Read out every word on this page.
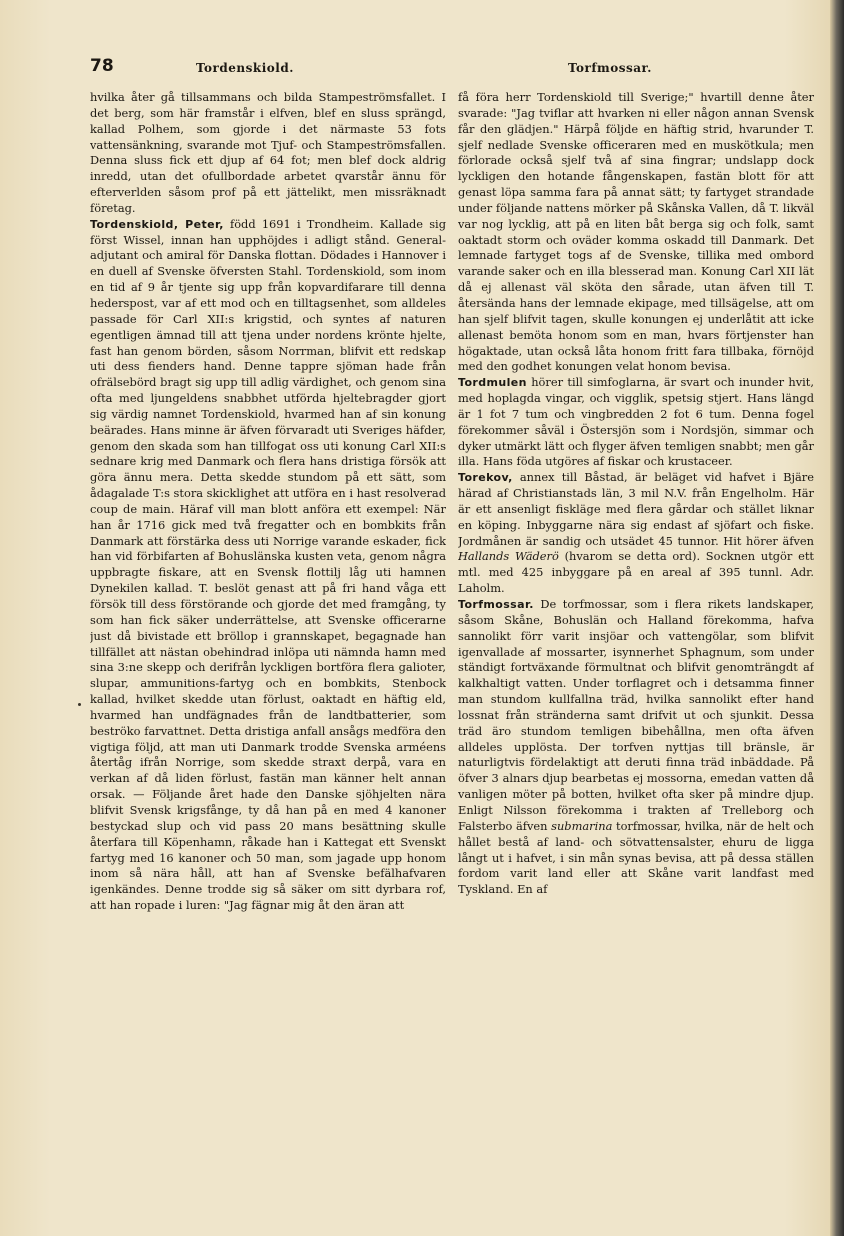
78	Tordenskiold.	Torfmossar.

hvilka åter gå tillsammans och bilda Stampeströmsfallet. I det berg, som här framstår i elfven, blef en sluss sprängd, kallad Polhem, som gjorde i det närmaste 53 fots vattensänkning, svarande mot Tjuf- och Stampeströmsfallen. Denna sluss fick ett djup af 64 fot; men blef dock aldrig inredd, utan det ofullbordade arbetet qvarstår ännu för efterverlden såsom prof på ett jättelikt, men missräknadt företag.

Tordenskiold, Peter, född 1691 i Trondheim. Kallade sig först Wissel, innan han upphöjdes i adligt stånd. General-adjutant och amiral för Danska flottan. Dödades i Hannover i en duell af Svenske öfversten Stahl. Tordenskiold, som inom en tid af 9 år tjente sig upp från kopvardifarare till denna hederspost, var af ett mod och en tilltagsenhet, som alldeles passade för Carl XII:s krigstid, och syntes af naturen egentligen ämnad till att tjena under nordens krönte hjelte, fast han genom börden, såsom Norrman, blifvit ett redskap uti dess fienders hand. Denne tappre sjöman hade från ofrälsebörd bragt sig upp till adlig värdighet, och genom sina ofta med ljungeldens snabbhet utförda hjeltebragder gjort sig värdig namnet Tordenskiold, hvarmed han af sin konung beärades. Hans minne är äfven förvaradt uti Sveriges häfder, genom den skada som han tillfogat oss uti konung Carl XII:s sednare krig med Danmark och flera hans dristiga försök att göra ännu mera. Detta skedde stundom på ett sätt, som ådagalade T:s stora skicklighet att utföra en i hast resolverad coup de main. Häraf vill man blott anföra ett exempel: När han år 1716 gick med två fregatter och en bombkits från Danmark att förstärka dess uti Norrige varande eskader, fick han vid förbifarten af Bohuslänska kusten veta, genom några uppbragte fiskare, att en Svensk flottilj låg uti hamnen Dynekilen kallad. T. beslöt genast att på fri hand våga ett försök till dess förstörande och gjorde det med framgång, ty som han fick säker underrättelse, att Svenske officerarne just då bivistade ett bröllop i grannskapet, begagnade han tillfället att nästan obehindrad inlöpa uti nämnda hamn med sina 3:ne skepp och derifrån lyckligen bortföra flera galioter, slupar, ammunitions-fartyg och en bombkits, Stenbock kallad, hvilket skedde utan förlust, oaktadt en häftig eld, hvarmed han undfägnades från de landtbatterier, som beströko farvattnet. Detta dristiga anfall ansågs medföra den vigtiga följd, att man uti Danmark trodde Svenska arméens återtåg ifrån Norrige, som skedde straxt derpå, vara en verkan af då liden förlust, fastän man känner helt annan orsak. — Följande året hade den Danske sjöhjelten nära blifvit Svensk krigsfånge, ty då han på en med 4 kanoner bestyckad slup och vid pass 20 mans besättning skulle återfara till Köpenhamn, råkade han i Kattegat ett Svenskt fartyg med 16 kanoner och 50 man, som jagade upp honom inom så nära håll, att han af Svenske befälhafvaren igenkändes. Denne trodde sig så säker om sitt dyrbara rof, att han ropade i luren: "Jag fägnar mig åt den äran att

få föra herr Tordenskiold till Sverige;" hvartill denne åter svarade: "Jag tviflar att hvarken ni eller någon annan Svensk får den glädjen." Härpå följde en häftig strid, hvarunder T. sjelf nedlade Svenske officeraren med en muskötkula; men förlorade också sjelf två af sina fingrar; undslapp dock lyckligen den hotande fångenskapen, fastän blott för att genast löpa samma fara på annat sätt; ty fartyget strandade under följande nattens mörker på Skånska Vallen, då T. likväl var nog lycklig, att på en liten båt berga sig och folk, samt oaktadt storm och oväder komma oskadd till Danmark. Det lemnade fartyget togs af de Svenske, tillika med ombord varande saker och en illa blesserad man. Konung Carl XII lät då ej allenast väl sköta den sårade, utan äfven till T. återsända hans der lemnade ekipage, med tillsägelse, att om han sjelf blifvit tagen, skulle konungen ej underlåtit att icke allenast bemöta honom som en man, hvars förtjenster han högaktade, utan också låta honom fritt fara tillbaka, förnöjd med den godhet konungen velat honom bevisa.

Tordmulen hörer till simfoglarna, är svart och inunder hvit, med hoplagda vingar, och vigglik, spetsig stjert. Hans längd är 1 fot 7 tum och vingbredden 2 fot 6 tum. Denna fogel förekommer såväl i Östersjön som i Nordsjön, simmar och dyker utmärkt lätt och flyger äfven temligen snabbt; men går illa. Hans föda utgöres af fiskar och krustaceer.

Torekov, annex till Båstad, är beläget vid hafvet i Bjäre härad af Christianstads län, 3 mil N.V. från Engelholm. Här är ett ansenligt fiskläge med flera gårdar och stället liknar en köping. Inbyggarne nära sig endast af sjöfart och fiske. Jordmånen är sandig och utsädet 45 tunnor. Hit hörer äfven Hallands Wäderö (hvarom se detta ord). Socknen utgör ett mtl. med 425 inbyggare på en areal af 395 tunnl. Adr. Laholm.

Torfmossar. De torfmossar, som i flera rikets landskaper, såsom Skåne, Bohuslän och Halland förekomma, hafva sannolikt förr varit insjöar och vattengölar, som blifvit igenvallade af mossarter, isynnerhet Sphagnum, som under ständigt fortväxande förmultnat och blifvit genomträngdt af kalkhaltigt vatten. Under torflagret och i detsamma finner man stundom kullfallna träd, hvilka sannolikt efter hand lossnat från stränderna samt drifvit ut och sjunkit. Dessa träd äro stundom temligen bibehållna, men ofta äfven alldeles upplösta. Der torfven nyttjas till bränsle, är naturligtvis fördelaktigt att deruti finna träd inbäddade. På öfver 3 alnars djup bearbetas ej mossorna, emedan vatten då vanligen möter på botten, hvilket ofta sker på mindre djup. Enligt Nilsson förekomma i trakten af Trelleborg och Falsterbo äfven submarina torfmossar, hvilka, när de helt och hållet bestå af land- och sötvattensalster, ehuru de ligga långt ut i hafvet, i sin mån synas bevisa, att på dessa ställen fordom varit land eller att Skåne varit landfast med Tyskland. En af
